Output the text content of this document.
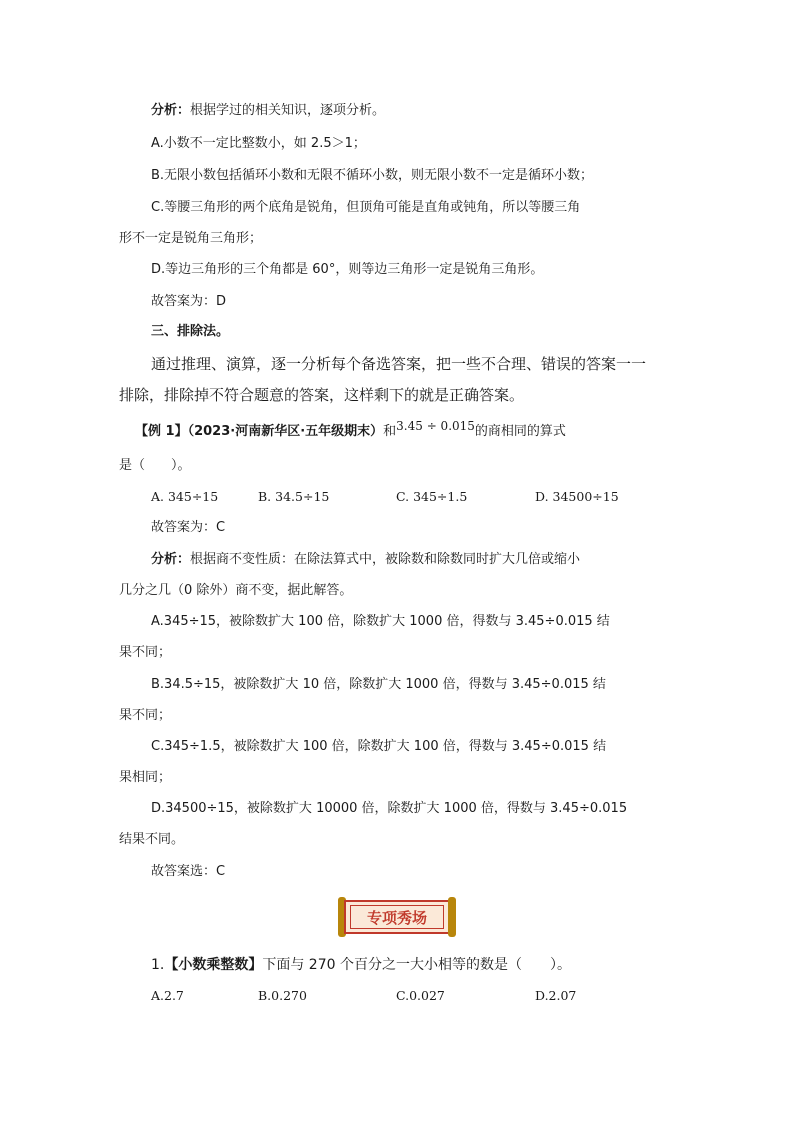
分析：根据学过的相关知识，逐项分析。
A.小数不一定比整数小，如 2.5＞1；
B.无限小数包括循环小数和无限不循环小数，则无限小数不一定是循环小数；
C.等腰三角形的两个底角是锐角，但顶角可能是直角或钝角，所以等腰三角
形不一定是锐角三角形；
D.等边三角形的三个角都是 60°，则等边三角形一定是锐角三角形。
故答案为：D
三、排除法。
通过推理、演算，逐一分析每个备选答案，把一些不合理、错误的答案一一
排除，排除掉不符合题意的答案，这样剩下的就是正确答案。
【例 1】（2023·河南新华区·五年级期末）和3.45 ÷ 0.015的商相同的算式
是（　　）。
A. 345÷15	B. 34.5÷15	C. 345÷1.5	D. 34500÷15
故答案为：C
分析：根据商不变性质：在除法算式中，被除数和除数同时扩大几倍或缩小
几分之几（0 除外）商不变，据此解答。
A.345÷15，被除数扩大 100 倍，除数扩大 1000 倍，得数与 3.45÷0.015 结
果不同；
B.34.5÷15，被除数扩大 10 倍，除数扩大 1000 倍，得数与 3.45÷0.015 结
果不同；
C.345÷1.5，被除数扩大 100 倍，除数扩大 100 倍，得数与 3.45÷0.015 结
果相同；
D.34500÷15，被除数扩大 10000 倍，除数扩大 1000 倍，得数与 3.45÷0.015
结果不同。
故答案选：C
专项秀场
1.【小数乘整数】下面与 270 个百分之一大小相等的数是（　　）。
A.2.7	B.0.270	C.0.027	D.2.07
